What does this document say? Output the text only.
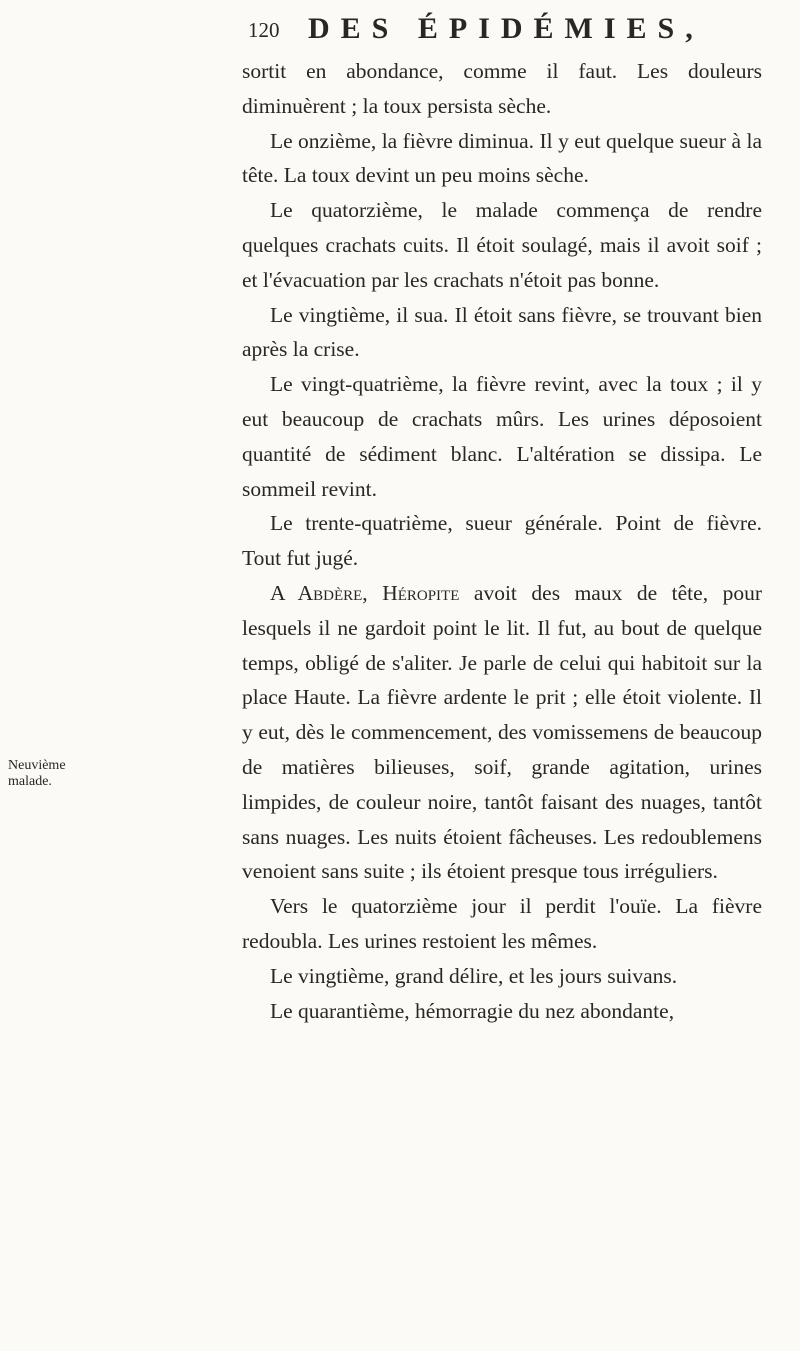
120 DES ÉPIDÉMIES,
Neuvième
malade.

sortit en abondance, comme il faut. Les douleurs diminuèrent ; la toux persista sèche.

Le onzième, la fièvre diminua. Il y eut quelque sueur à la tête. La toux devint un peu moins sèche.

Le quatorzième, le malade commença de rendre quelques crachats cuits. Il étoit soulagé, mais il avoit soif ; et l'évacuation par les crachats n'étoit pas bonne.

Le vingtième, il sua. Il étoit sans fièvre, se trouvant bien après la crise.

Le vingt-quatrième, la fièvre revint, avec la toux ; il y eut beaucoup de crachats mûrs. Les urines déposoient quantité de sédiment blanc. L'altération se dissipa. Le sommeil revint.

Le trente-quatrième, sueur générale. Point de fièvre. Tout fut jugé.

A Abdère, Héropite avoit des maux de tête, pour lesquels il ne gardoit point le lit. Il fut, au bout de quelque temps, obligé de s'aliter. Je parle de celui qui habitoit sur la place Haute. La fièvre ardente le prit ; elle étoit violente. Il y eut, dès le commencement, des vomissemens de beaucoup de matières bilieuses, soif, grande agitation, urines limpides, de couleur noire, tantôt faisant des nuages, tantôt sans nuages. Les nuits étoient fâcheuses. Les redoublemens venoient sans suite ; ils étoient presque tous irréguliers.

Vers le quatorzième jour il perdit l'ouïe. La fièvre redoubla. Les urines restoient les mêmes.

Le vingtième, grand délire, et les jours suivans.

Le quarantième, hémorragie du nez abondante,
